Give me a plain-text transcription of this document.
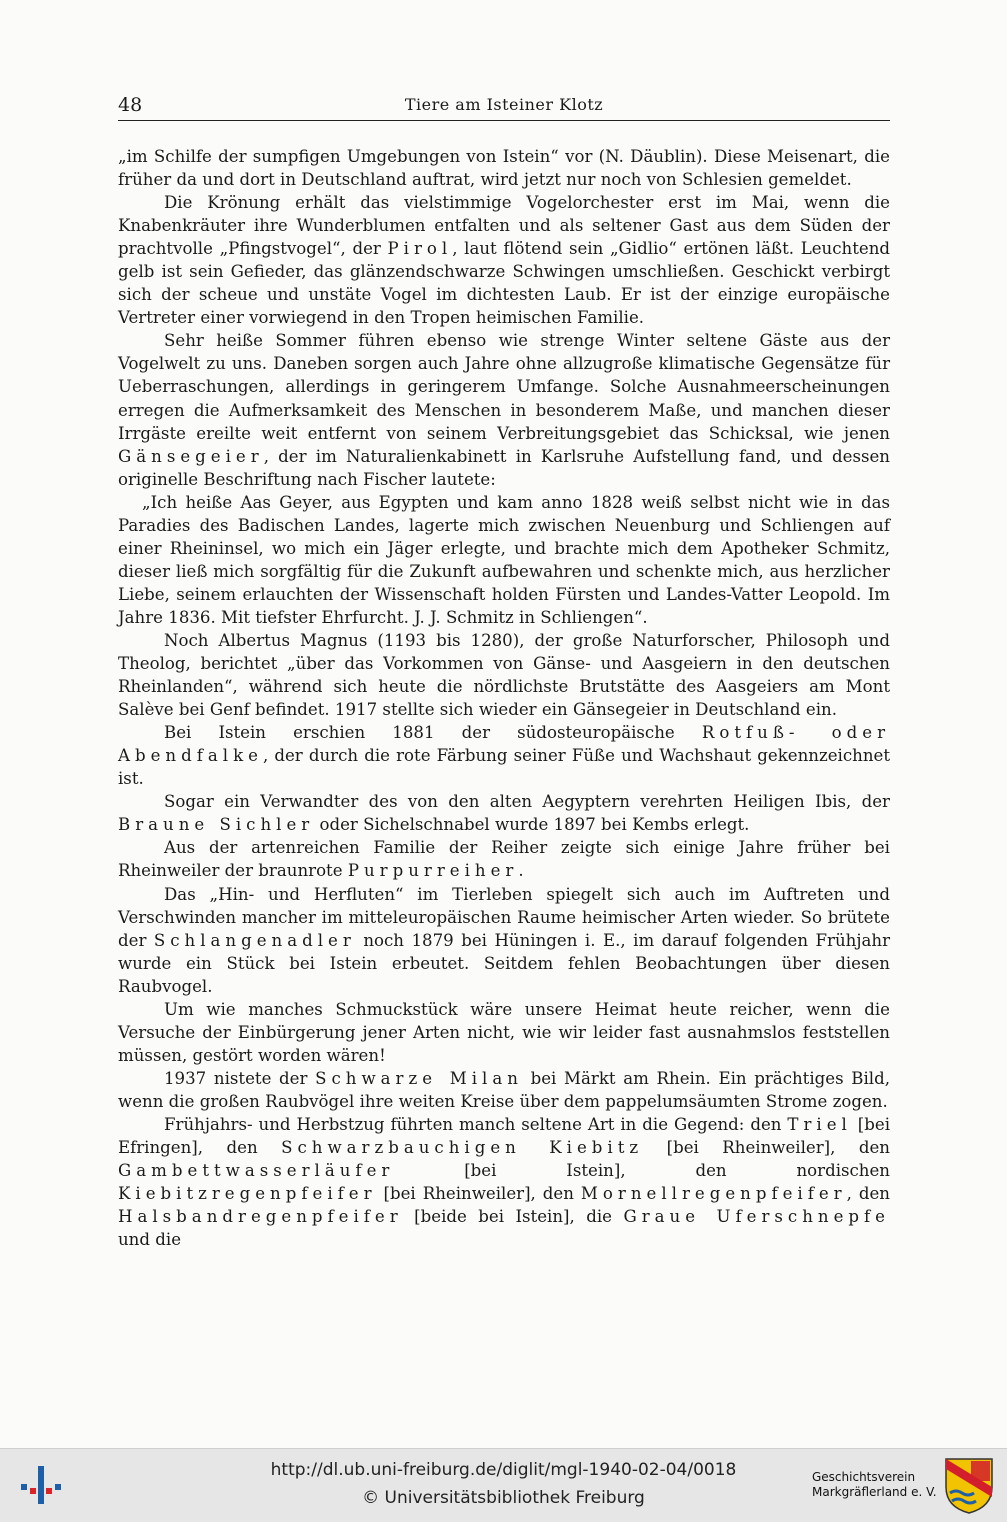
48	Tiere am Isteiner Klotz

„im Schilfe der sumpfigen Umgebungen von Istein“ vor (N. Däublin). Diese Meisenart, die früher da und dort in Deutschland auftrat, wird jetzt nur noch von Schlesien gemeldet.

Die Krönung erhält das vielstimmige Vogelorchester erst im Mai, wenn die Knabenkräuter ihre Wunderblumen entfalten und als seltener Gast aus dem Süden der prachtvolle „Pfingstvogel“, der Pirol, laut flötend sein „Gidlio“ ertönen läßt. Leuchtend gelb ist sein Gefieder, das glänzendschwarze Schwingen umschließen. Geschickt verbirgt sich der scheue und unstäte Vogel im dichtesten Laub. Er ist der einzige europäische Vertreter einer vorwiegend in den Tropen heimischen Familie.

Sehr heiße Sommer führen ebenso wie strenge Winter seltene Gäste aus der Vogelwelt zu uns. Daneben sorgen auch Jahre ohne allzugroße klimatische Gegensätze für Ueberraschungen, allerdings in geringerem Umfange. Solche Ausnahmeerscheinungen erregen die Aufmerksamkeit des Menschen in besonderem Maße, und manchen dieser Irrgäste ereilte weit entfernt von seinem Verbreitungsgebiet das Schicksal, wie jenen Gänsegeier, der im Naturalienkabinett in Karlsruhe Aufstellung fand, und dessen originelle Beschriftung nach Fischer lautete:

„Ich heiße Aas Geyer, aus Egypten und kam anno 1828 weiß selbst nicht wie in das Paradies des Badischen Landes, lagerte mich zwischen Neuenburg und Schliengen auf einer Rheininsel, wo mich ein Jäger erlegte, und brachte mich dem Apotheker Schmitz, dieser ließ mich sorgfältig für die Zukunft aufbewahren und schenkte mich, aus herzlicher Liebe, seinem erlauchten der Wissenschaft holden Fürsten und Landes-Vatter Leopold. Im Jahre 1836. Mit tiefster Ehrfurcht. J. J. Schmitz in Schliengen“.

Noch Albertus Magnus (1193 bis 1280), der große Naturforscher, Philosoph und Theolog, berichtet „über das Vorkommen von Gänse- und Aasgeiern in den deutschen Rheinlanden“, während sich heute die nördlichste Brutstätte des Aasgeiers am Mont Salève bei Genf befindet. 1917 stellte sich wieder ein Gänsegeier in Deutschland ein.

Bei Istein erschien 1881 der südosteuropäische Rotfuß- oder Abendfalke, der durch die rote Färbung seiner Füße und Wachshaut gekennzeichnet ist.

Sogar ein Verwandter des von den alten Aegyptern verehrten Heiligen Ibis, der Braune Sichler oder Sichelschnabel wurde 1897 bei Kembs erlegt.

Aus der artenreichen Familie der Reiher zeigte sich einige Jahre früher bei Rheinweiler der braunrote Purpurreiher.

Das „Hin- und Herfluten“ im Tierleben spiegelt sich auch im Auftreten und Verschwinden mancher im mitteleuropäischen Raume heimischer Arten wieder. So brütete der Schlangenadler noch 1879 bei Hüningen i. E., im darauf folgenden Frühjahr wurde ein Stück bei Istein erbeutet. Seitdem fehlen Beobachtungen über diesen Raubvogel.

Um wie manches Schmuckstück wäre unsere Heimat heute reicher, wenn die Versuche der Einbürgerung jener Arten nicht, wie wir leider fast ausnahmslos feststellen müssen, gestört worden wären!

1937 nistete der Schwarze Milan bei Märkt am Rhein. Ein prächtiges Bild, wenn die großen Raubvögel ihre weiten Kreise über dem pappelumsäumten Strome zogen.

Frühjahrs- und Herbstzug führten manch seltene Art in die Gegend: den Triel [bei Efringen], den Schwarzbauchigen Kiebitz [bei Rheinweiler], den Gambettwasserläufer [bei Istein], den nordischen Kiebitzregenpfeifer [bei Rheinweiler], den Mornellregenpfeifer, den Halsbandregenpfeifer [beide bei Istein], die Graue Uferschnepfe und die

http://dl.ub.uni-freiburg.de/diglit/mgl-1940-02-04/0018
© Universitätsbibliothek Freiburg
Geschichtsverein
Markgräflerland e. V.
